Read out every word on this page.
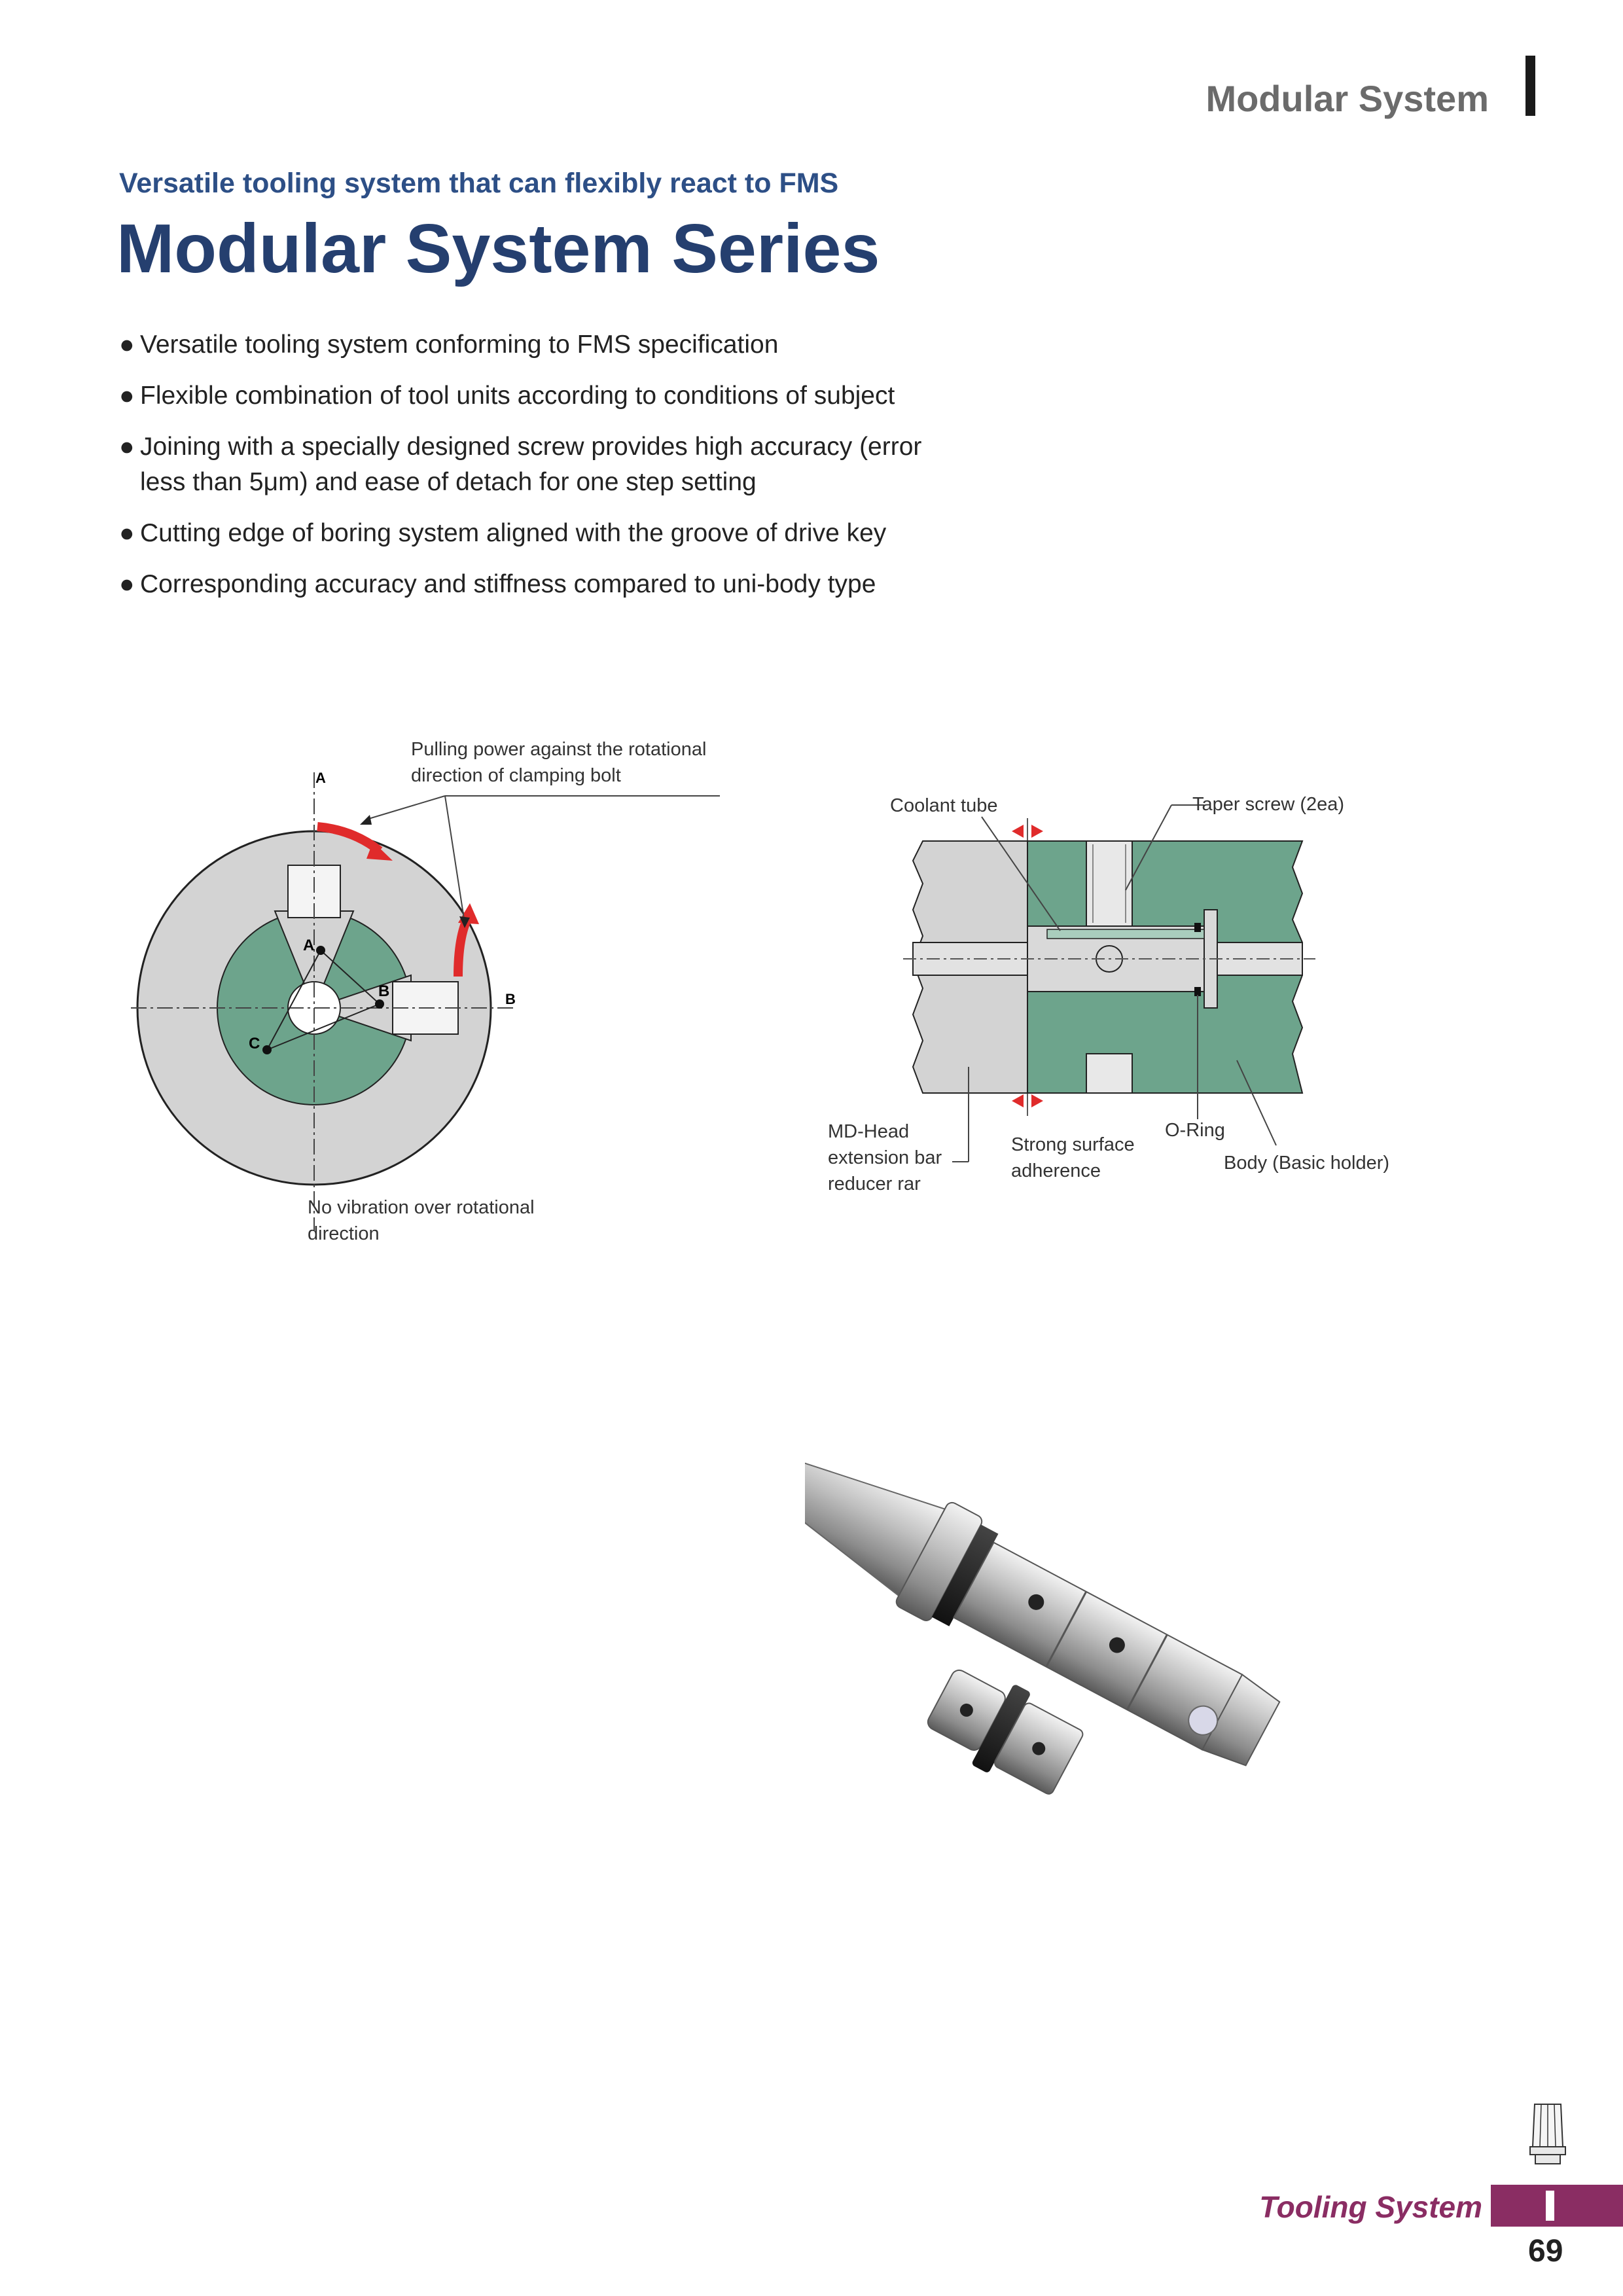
Modular System
Versatile tooling system that can flexibly react to FMS
Modular System Series
● Versatile tooling system conforming to FMS specification
● Flexible combination of tool units according to conditions of subject
● Joining with a specially designed screw provides high accuracy (error less than 5μm) and ease of detach for one step setting
● Cutting edge of boring system aligned with the groove of drive key
● Corresponding accuracy and stiffness compared to uni-body type
A
B
C
A
B
Pulling power against the rotational
direction of clamping bolt
No vibration over rotational
direction
Coolant tube	Taper screw (2ea)
MD-Head
extension bar
reducer rar
Strong surface
adherence
O-Ring
Body (Basic holder)
Tooling System
69
